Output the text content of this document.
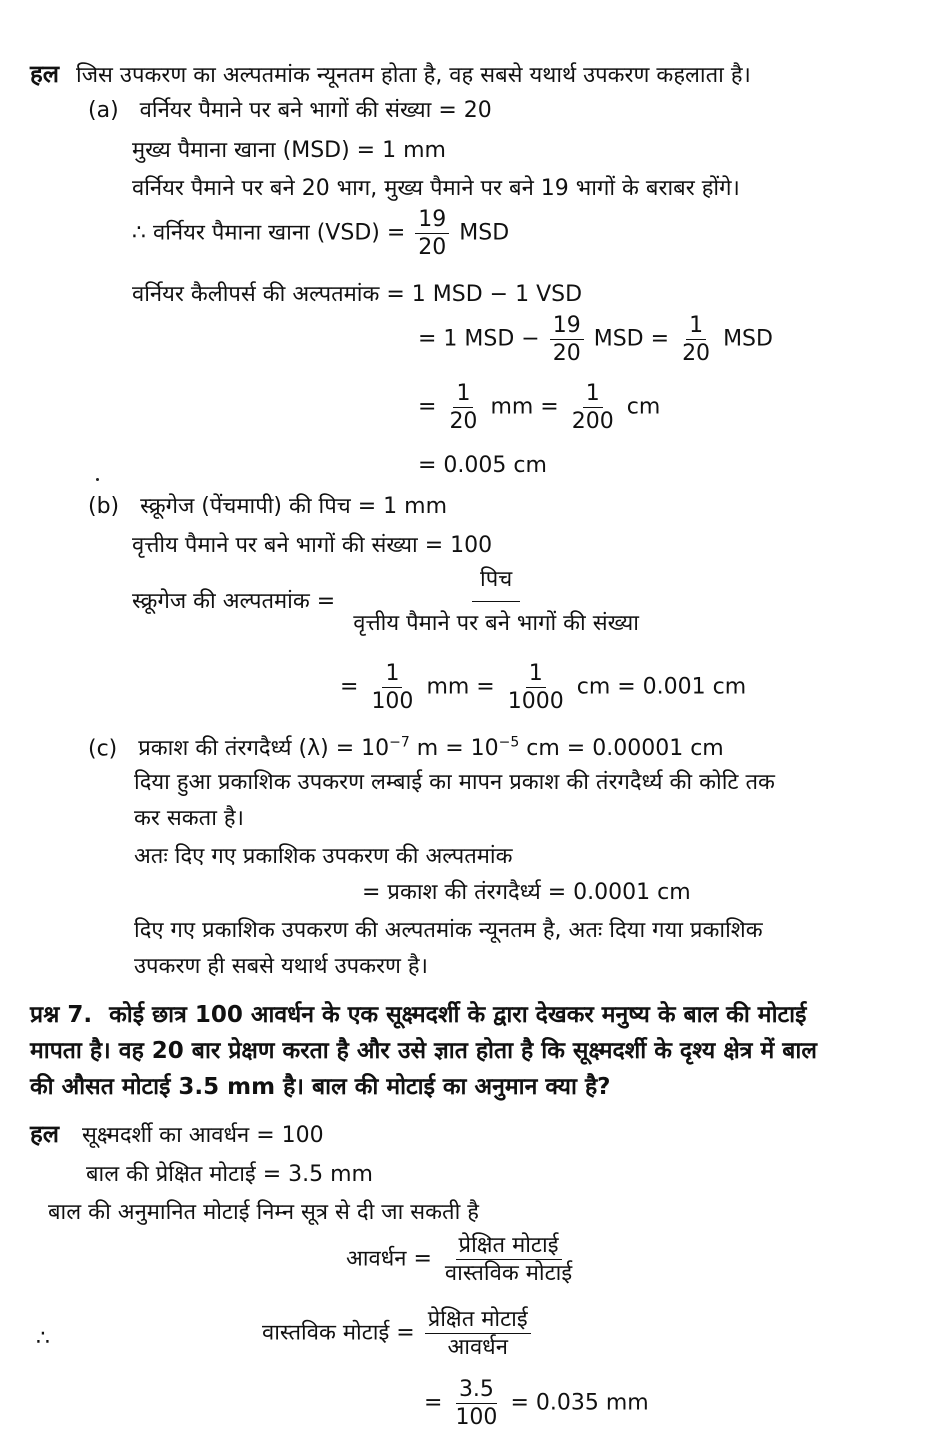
हल जिस उपकरण का अल्पतमांक न्यूनतम होता है, वह सबसे यथार्थ उपकरण कहलाता है।
(a) वर्नियर पैमाने पर बने भागों की संख्या = 20
मुख्य पैमाना खाना (MSD) = 1 mm
वर्नियर पैमाने पर बने 20 भाग, मुख्य पैमाने पर बने 19 भागों के बराबर होंगे।
∴ वर्नियर पैमाना खाना $(VSD) = \frac{19}{20}$ MSD
वर्नियर कैलीपर्स की अल्पतमांक = 1 MSD − 1 VSD
= 1 MSD − $\frac{19}{20}$ MSD = $\frac{1}{20}$ MSD
= $\frac{1}{20}$ mm = $\frac{1}{200}$ cm
= 0.005 cm
(b) स्क्रूगेज (पेंचमापी) की पिच = 1 mm
वृत्तीय पैमाने पर बने भागों की संख्या = 100
स्क्रूगेज की अल्पतमांक = $\frac{\text{पिच}}{\text{वृत्तीय पैमाने पर बने भागों की संख्या}}$
= $\frac{1}{100}$ mm = $\frac{1}{1000}$ cm = 0.001 cm
(c) प्रकाश की तंरगदैर्ध्य $(\lambda) = 10^{-7}$ $m = 10^{-5}$ cm = 0.00001 cm
दिया हुआ प्रकाशिक उपकरण लम्बाई का मापन प्रकाश की तंरगदैर्ध्य की कोटि तक
कर सकता है।
अतः दिए गए प्रकाशिक उपकरण की अल्पतमांक
= प्रकाश की तंरगदैर्ध्य = 0.0001 cm
दिए गए प्रकाशिक उपकरण की अल्पतमांक न्यूनतम है, अतः दिया गया प्रकाशिक
उपकरण ही सबसे यथार्थ उपकरण है।
प्रश्न 7. कोई छात्र 100 आवर्धन के एक सूक्ष्मदर्शी के द्वारा देखकर मनुष्य के बाल की मोटाई
मापता है। वह 20 बार प्रेक्षण करता है और उसे ज्ञात होता है कि सूक्ष्मदर्शी के दृश्य क्षेत्र में बाल
की औसत मोटाई 3.5 mm है। बाल की मोटाई का अनुमान क्या है?
हल सूक्ष्मदर्शी का आवर्धन = 100
बाल की प्रेक्षित मोटाई = 3.5 mm
बाल की अनुमानित मोटाई निम्न सूत्र से दी जा सकती है
आवर्धन = $\frac{\text{प्रेक्षित मोटाई}}{\text{वास्तविक मोटाई}}$
∴	वास्तविक मोटाई = $\frac{\text{प्रेक्षित मोटाई}}{\text{आवर्धन}}$
= $\frac{3.5}{100} = 0.035$ mm
